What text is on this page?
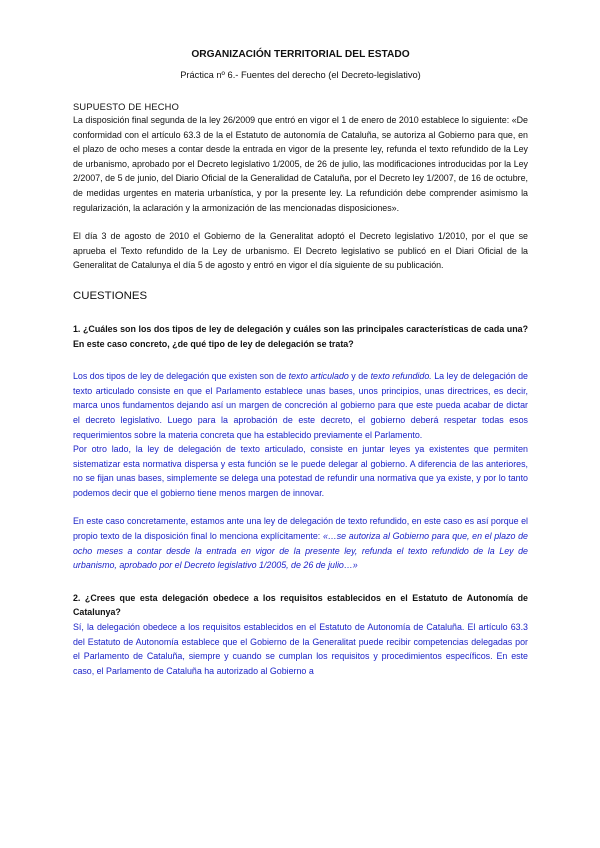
ORGANIZACIÓN TERRITORIAL DEL ESTADO

Práctica nº 6.- Fuentes del derecho (el Decreto-legislativo)

SUPUESTO DE HECHO

La disposición final segunda de la ley 26/2009 que entró en vigor el 1 de enero de 2010 establece lo siguiente: «De conformidad con el artículo 63.3 de la el Estatuto de autonomía de Cataluña, se autoriza al Gobierno para que, en el plazo de ocho meses a contar desde la entrada en vigor de la presente ley, refunda el texto refundido de la Ley de urbanismo, aprobado por el Decreto legislativo 1/2005, de 26 de julio, las modificaciones introducidas por la Ley 2/2007, de 5 de junio, del Diario Oficial de la Generalidad de Cataluña, por el Decreto ley 1/2007, de 16 de octubre, de medidas urgentes en materia urbanística, y por la presente ley. La refundición debe comprender asimismo la regularización, la aclaración y la armonización de las mencionadas disposiciones».

El día 3 de agosto de 2010 el Gobierno de la Generalitat adoptó el Decreto legislativo 1/2010, por el que se aprueba el Texto refundido de la Ley de urbanismo. El Decreto legislativo se publicó en el Diari Oficial de la Generalitat de Catalunya el día 5 de agosto y entró en vigor el día siguiente de su publicación.

CUESTIONES

1. ¿Cuáles son los dos tipos de ley de delegación y cuáles son las principales características de cada una? En este caso concreto, ¿de qué tipo de ley de delegación se trata?

Los dos tipos de ley de delegación que existen son de texto articulado y de texto refundido. La ley de delegación de texto articulado consiste en que el Parlamento establece unas bases, unos principios, unas directrices, es decir, marca unos fundamentos dejando así un margen de concreción al gobierno para que este pueda acabar de dictar el decreto legislativo. Luego para la aprobación de este decreto, el gobierno deberá respetar todas esos requerimientos sobre la materia concreta que ha establecido previamente el Parlamento.

Por otro lado, la ley de delegación de texto articulado, consiste en juntar leyes ya existentes que permiten sistematizar esta normativa dispersa y esta función se le puede delegar al gobierno. A diferencia de las anteriores, no se fijan unas bases, simplemente se delega una potestad de refundir una normativa que ya existe, y por lo tanto podemos decir que el gobierno tiene menos margen de innovar.

En este caso concretamente, estamos ante una ley de delegación de texto refundido, en este caso es así porque el propio texto de la disposición final lo menciona explícitamente: «…se autoriza al Gobierno para que, en el plazo de ocho meses a contar desde la entrada en vigor de la presente ley, refunda el texto refundido de la Ley de urbanismo, aprobado por el Decreto legislativo 1/2005, de 26 de julio…»

2. ¿Crees que esta delegación obedece a los requisitos establecidos en el Estatuto de Autonomía de Catalunya?

Sí, la delegación obedece a los requisitos establecidos en el Estatuto de Autonomía de Cataluña. El artículo 63.3 del Estatuto de Autonomía establece que el Gobierno de la Generalitat puede recibir competencias delegadas por el Parlamento de Cataluña, siempre y cuando se cumplan los requisitos y procedimientos específicos. En este caso, el Parlamento de Cataluña ha autorizado al Gobierno a
